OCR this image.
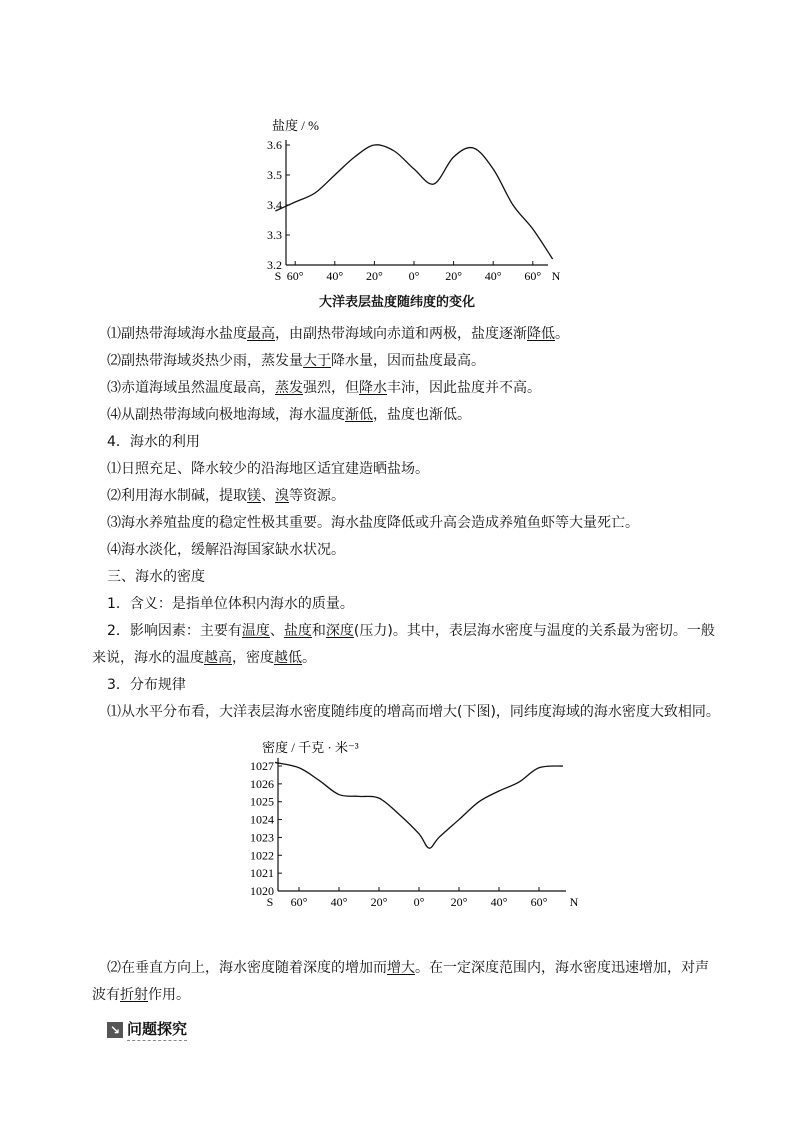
盐度 / %
3.2
3.3
3.4
3.5
3.6
S 60° 40° 20° 0° 20° 40° 60° N
大洋表层盐度随纬度的变化
⑴副热带海域海水盐度最高，由副热带海域向赤道和两极，盐度逐渐降低。
⑵副热带海域炎热少雨，蒸发量大于降水量，因而盐度最高。
⑶赤道海域虽然温度最高，蒸发强烈，但降水丰沛，因此盐度并不高。
⑷从副热带海域向极地海域，海水温度渐低，盐度也渐低。
4．海水的利用
⑴日照充足、降水较少的沿海地区适宜建造晒盐场。
⑵利用海水制碱，提取镁、溴等资源。
⑶海水养殖盐度的稳定性极其重要。海水盐度降低或升高会造成养殖鱼虾等大量死亡。
⑷海水淡化，缓解沿海国家缺水状况。
三、海水的密度
1．含义：是指单位体积内海水的质量。
2．影响因素：主要有温度、盐度和深度(压力)。其中，表层海水密度与温度的关系最为密切。一般
来说，海水的温度越高，密度越低。
3．分布规律
⑴从水平分布看，大洋表层海水密度随纬度的增高而增大(下图)，同纬度海域的海水密度大致相同。
密度 / 千克 · 米⁻³
1020
1021
1022
1023
1024
1025
1026
1027
S 60° 40° 20° 0° 20° 40° 60° N
⑵在垂直方向上，海水密度随着深度的增加而增大。在一定深度范围内，海水密度迅速增加，对声
波有折射作用。
↘ 问题探究
